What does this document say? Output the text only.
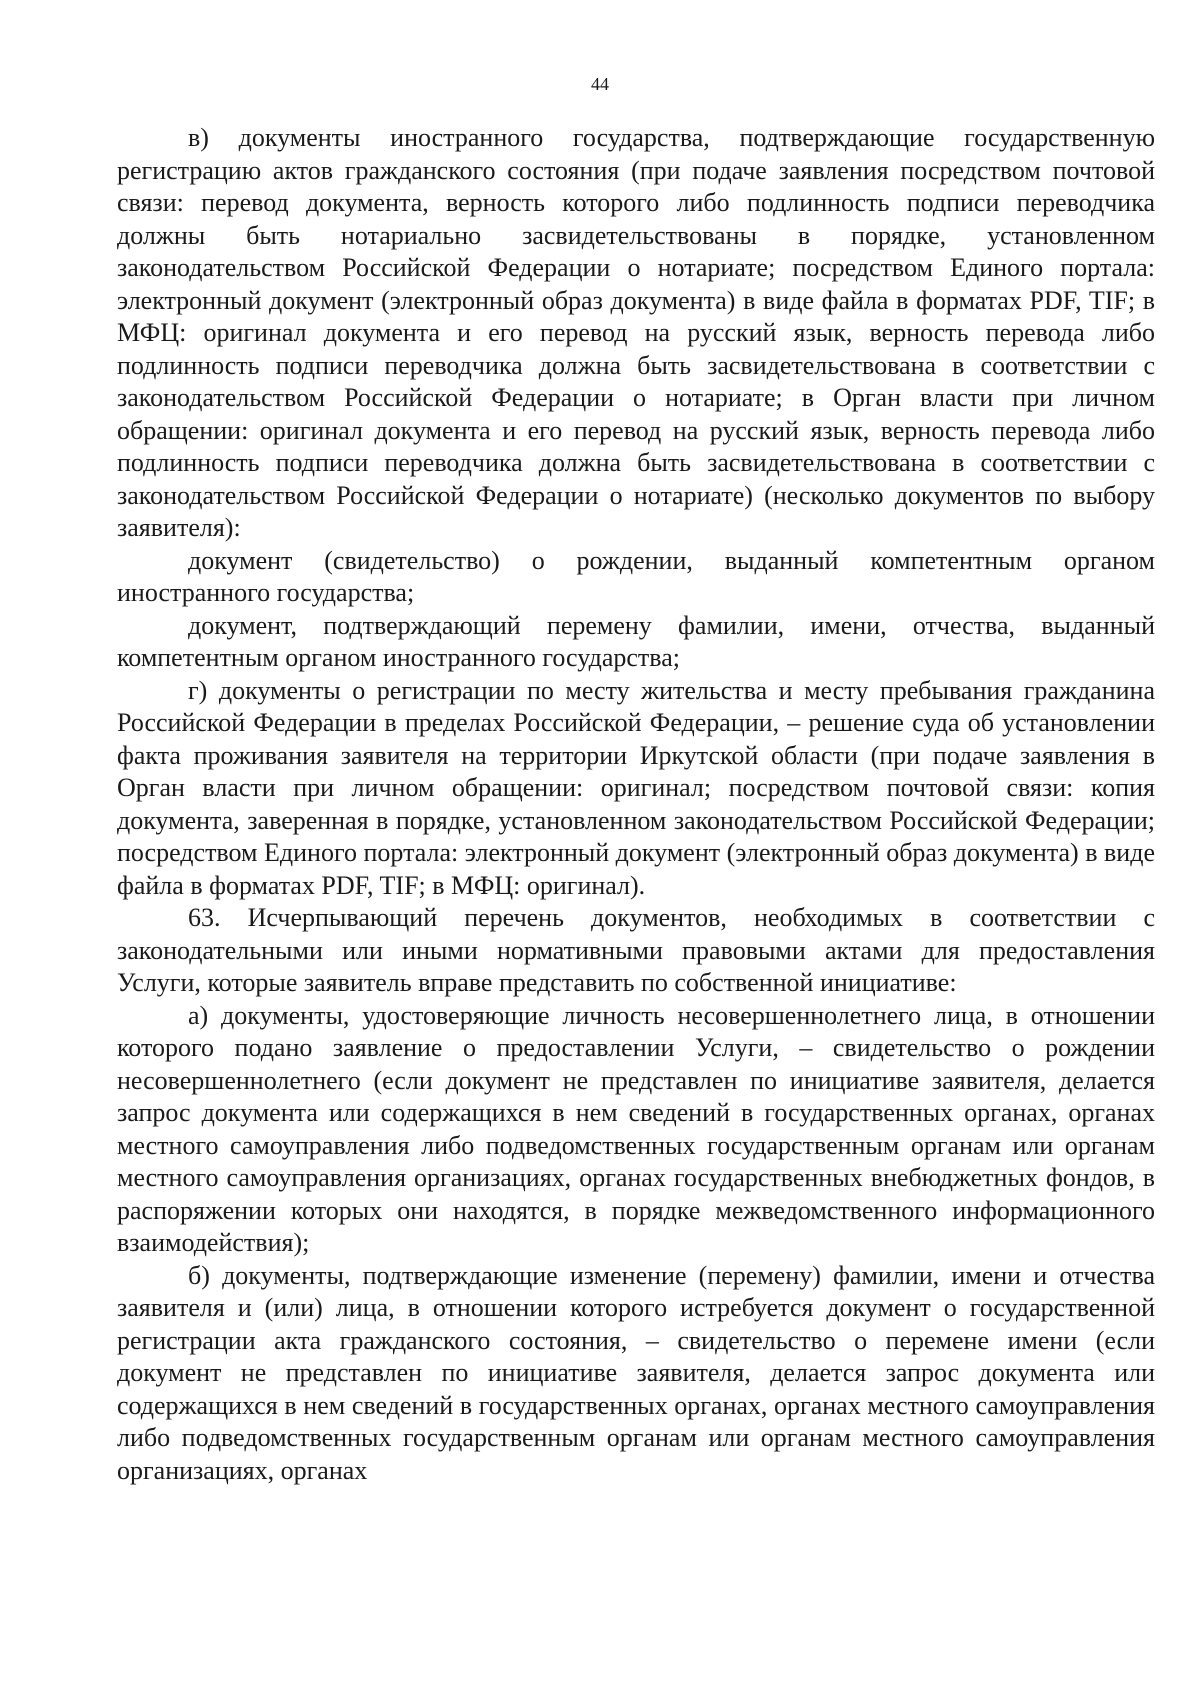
44

в) документы иностранного государства, подтверждающие государственную регистрацию актов гражданского состояния (при подаче заявления посредством почтовой связи: перевод документа, верность которого либо подлинность подписи переводчика должны быть нотариально засвидетельствованы в порядке, установленном законодательством Российской Федерации о нотариате; посредством Единого портала: электронный документ (электронный образ документа) в виде файла в форматах PDF, TIF; в МФЦ: оригинал документа и его перевод на русский язык, верность перевода либо подлинность подписи переводчика должна быть засвидетельствована в соответствии с законодательством Российской Федерации о нотариате; в Орган власти при личном обращении: оригинал документа и его перевод на русский язык, верность перевода либо подлинность подписи переводчика должна быть засвидетельствована в соответствии с законодательством Российской Федерации о нотариате) (несколько документов по выбору заявителя):

документ (свидетельство) о рождении, выданный компетентным органом иностранного государства;

документ, подтверждающий перемену фамилии, имени, отчества, выданный компетентным органом иностранного государства;

г) документы о регистрации по месту жительства и месту пребывания гражданина Российской Федерации в пределах Российской Федерации, – решение суда об установлении факта проживания заявителя на территории Иркутской области (при подаче заявления в Орган власти при личном обращении: оригинал; посредством почтовой связи: копия документа, заверенная в порядке, установленном законодательством Российской Федерации; посредством Единого портала: электронный документ (электронный образ документа) в виде файла в форматах PDF, TIF; в МФЦ: оригинал).

63. Исчерпывающий перечень документов, необходимых в соответствии с законодательными или иными нормативными правовыми актами для предоставления Услуги, которые заявитель вправе представить по собственной инициативе:

а) документы, удостоверяющие личность несовершеннолетнего лица, в отношении которого подано заявление о предоставлении Услуги, – свидетельство о рождении несовершеннолетнего (если документ не представлен по инициативе заявителя, делается запрос документа или содержащихся в нем сведений в государственных органах, органах местного самоуправления либо подведомственных государственным органам или органам местного самоуправления организациях, органах государственных внебюджетных фондов, в распоряжении которых они находятся, в порядке межведомственного информационного взаимодействия);

б) документы, подтверждающие изменение (перемену) фамилии, имени и отчества заявителя и (или) лица, в отношении которого истребуется документ о государственной регистрации акта гражданского состояния, – свидетельство о перемене имени (если документ не представлен по инициативе заявителя, делается запрос документа или содержащихся в нем сведений в государственных органах, органах местного самоуправления либо подведомственных государственным органам или органам местного самоуправления организациях, органах
